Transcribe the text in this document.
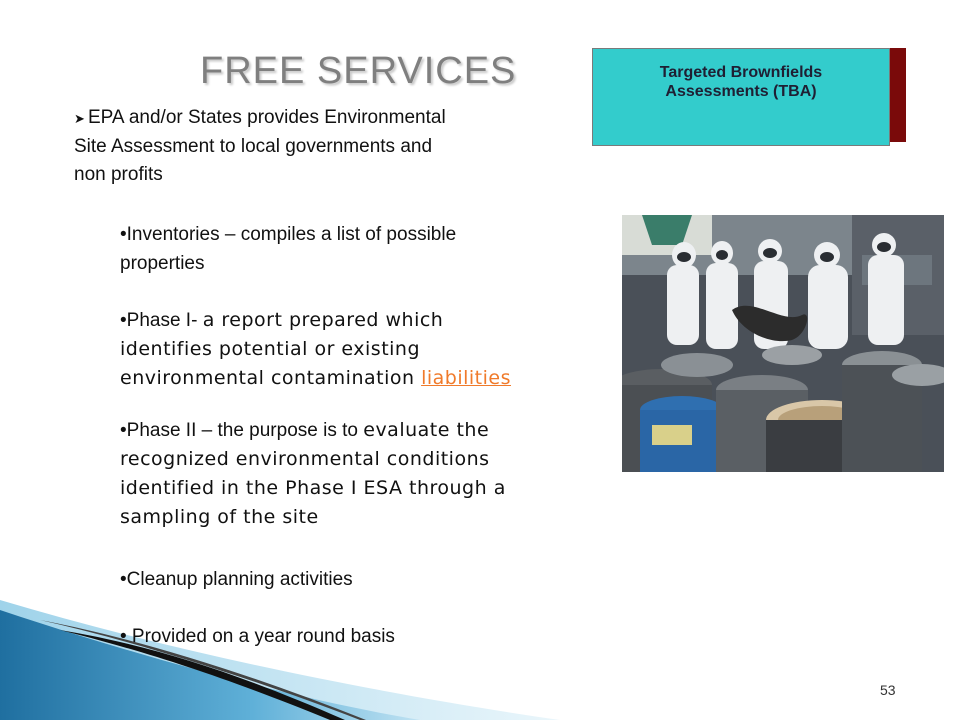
FREE SERVICES	Targeted Brownfields Assessments (TBA)
➤ EPA and/or States provides Environmental
Site Assessment to local governments and
non profits

•Inventories – compiles a list of possible

properties

•Phase I- a report prepared which

identifies potential or existing

environmental contamination liabilities

•Phase II – the purpose is to evaluate the

recognized environmental conditions

identified in the Phase I ESA through a

sampling of the site

•Cleanup planning activities

• Provided on a year round basis

53
